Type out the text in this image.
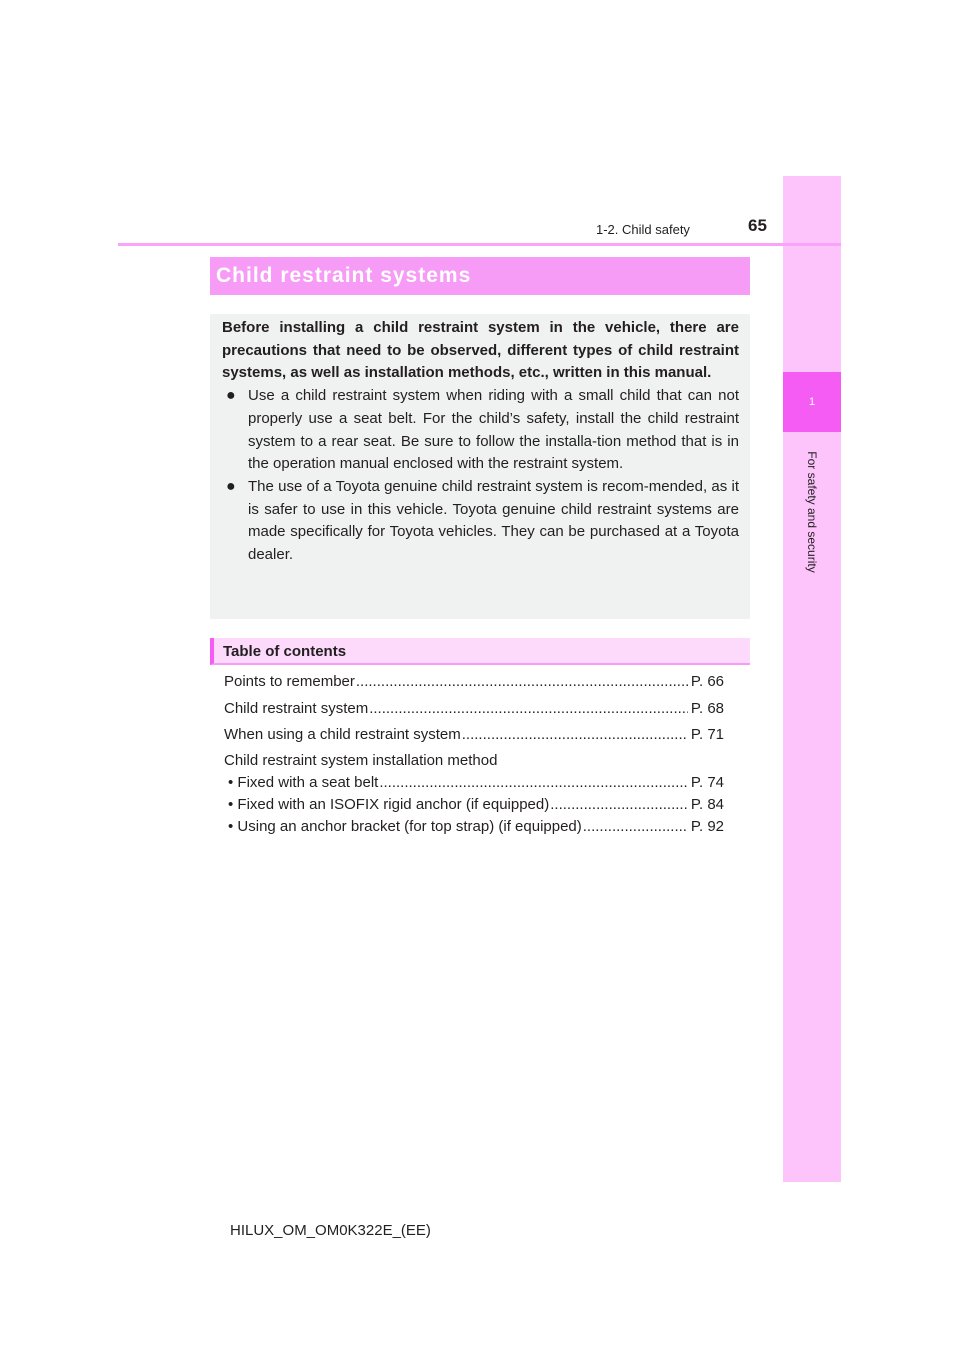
1
For safety and security
1-2. Child safety	65
Child restraint systems

Before installing a child restraint system in the vehicle, there are precautions that need to be observed, different types of child restraint systems, as well as installation methods, etc., written in this manual.

● Use a child restraint system when riding with a small child that can not properly use a seat belt. For the child’s safety, install the child restraint system to a rear seat. Be sure to follow the installa-tion method that is in the operation manual enclosed with the restraint system.

● The use of a Toyota genuine child restraint system is recom-mended, as it is safer to use in this vehicle. Toyota genuine child restraint systems are made specifically for Toyota vehicles. They can be purchased at a Toyota dealer.

Table of contents
Points to remember .....	P. 66
Child restraint system .....	P. 68
When using a child restraint system .....	P. 71
Child restraint system installation method
• Fixed with a seat belt .....	P. 74
• Fixed with an ISOFIX rigid anchor (if equipped) .....	P. 84
• Using an anchor bracket (for top strap) (if equipped) .....	P. 92
HILUX_OM_OM0K322E_(EE)
